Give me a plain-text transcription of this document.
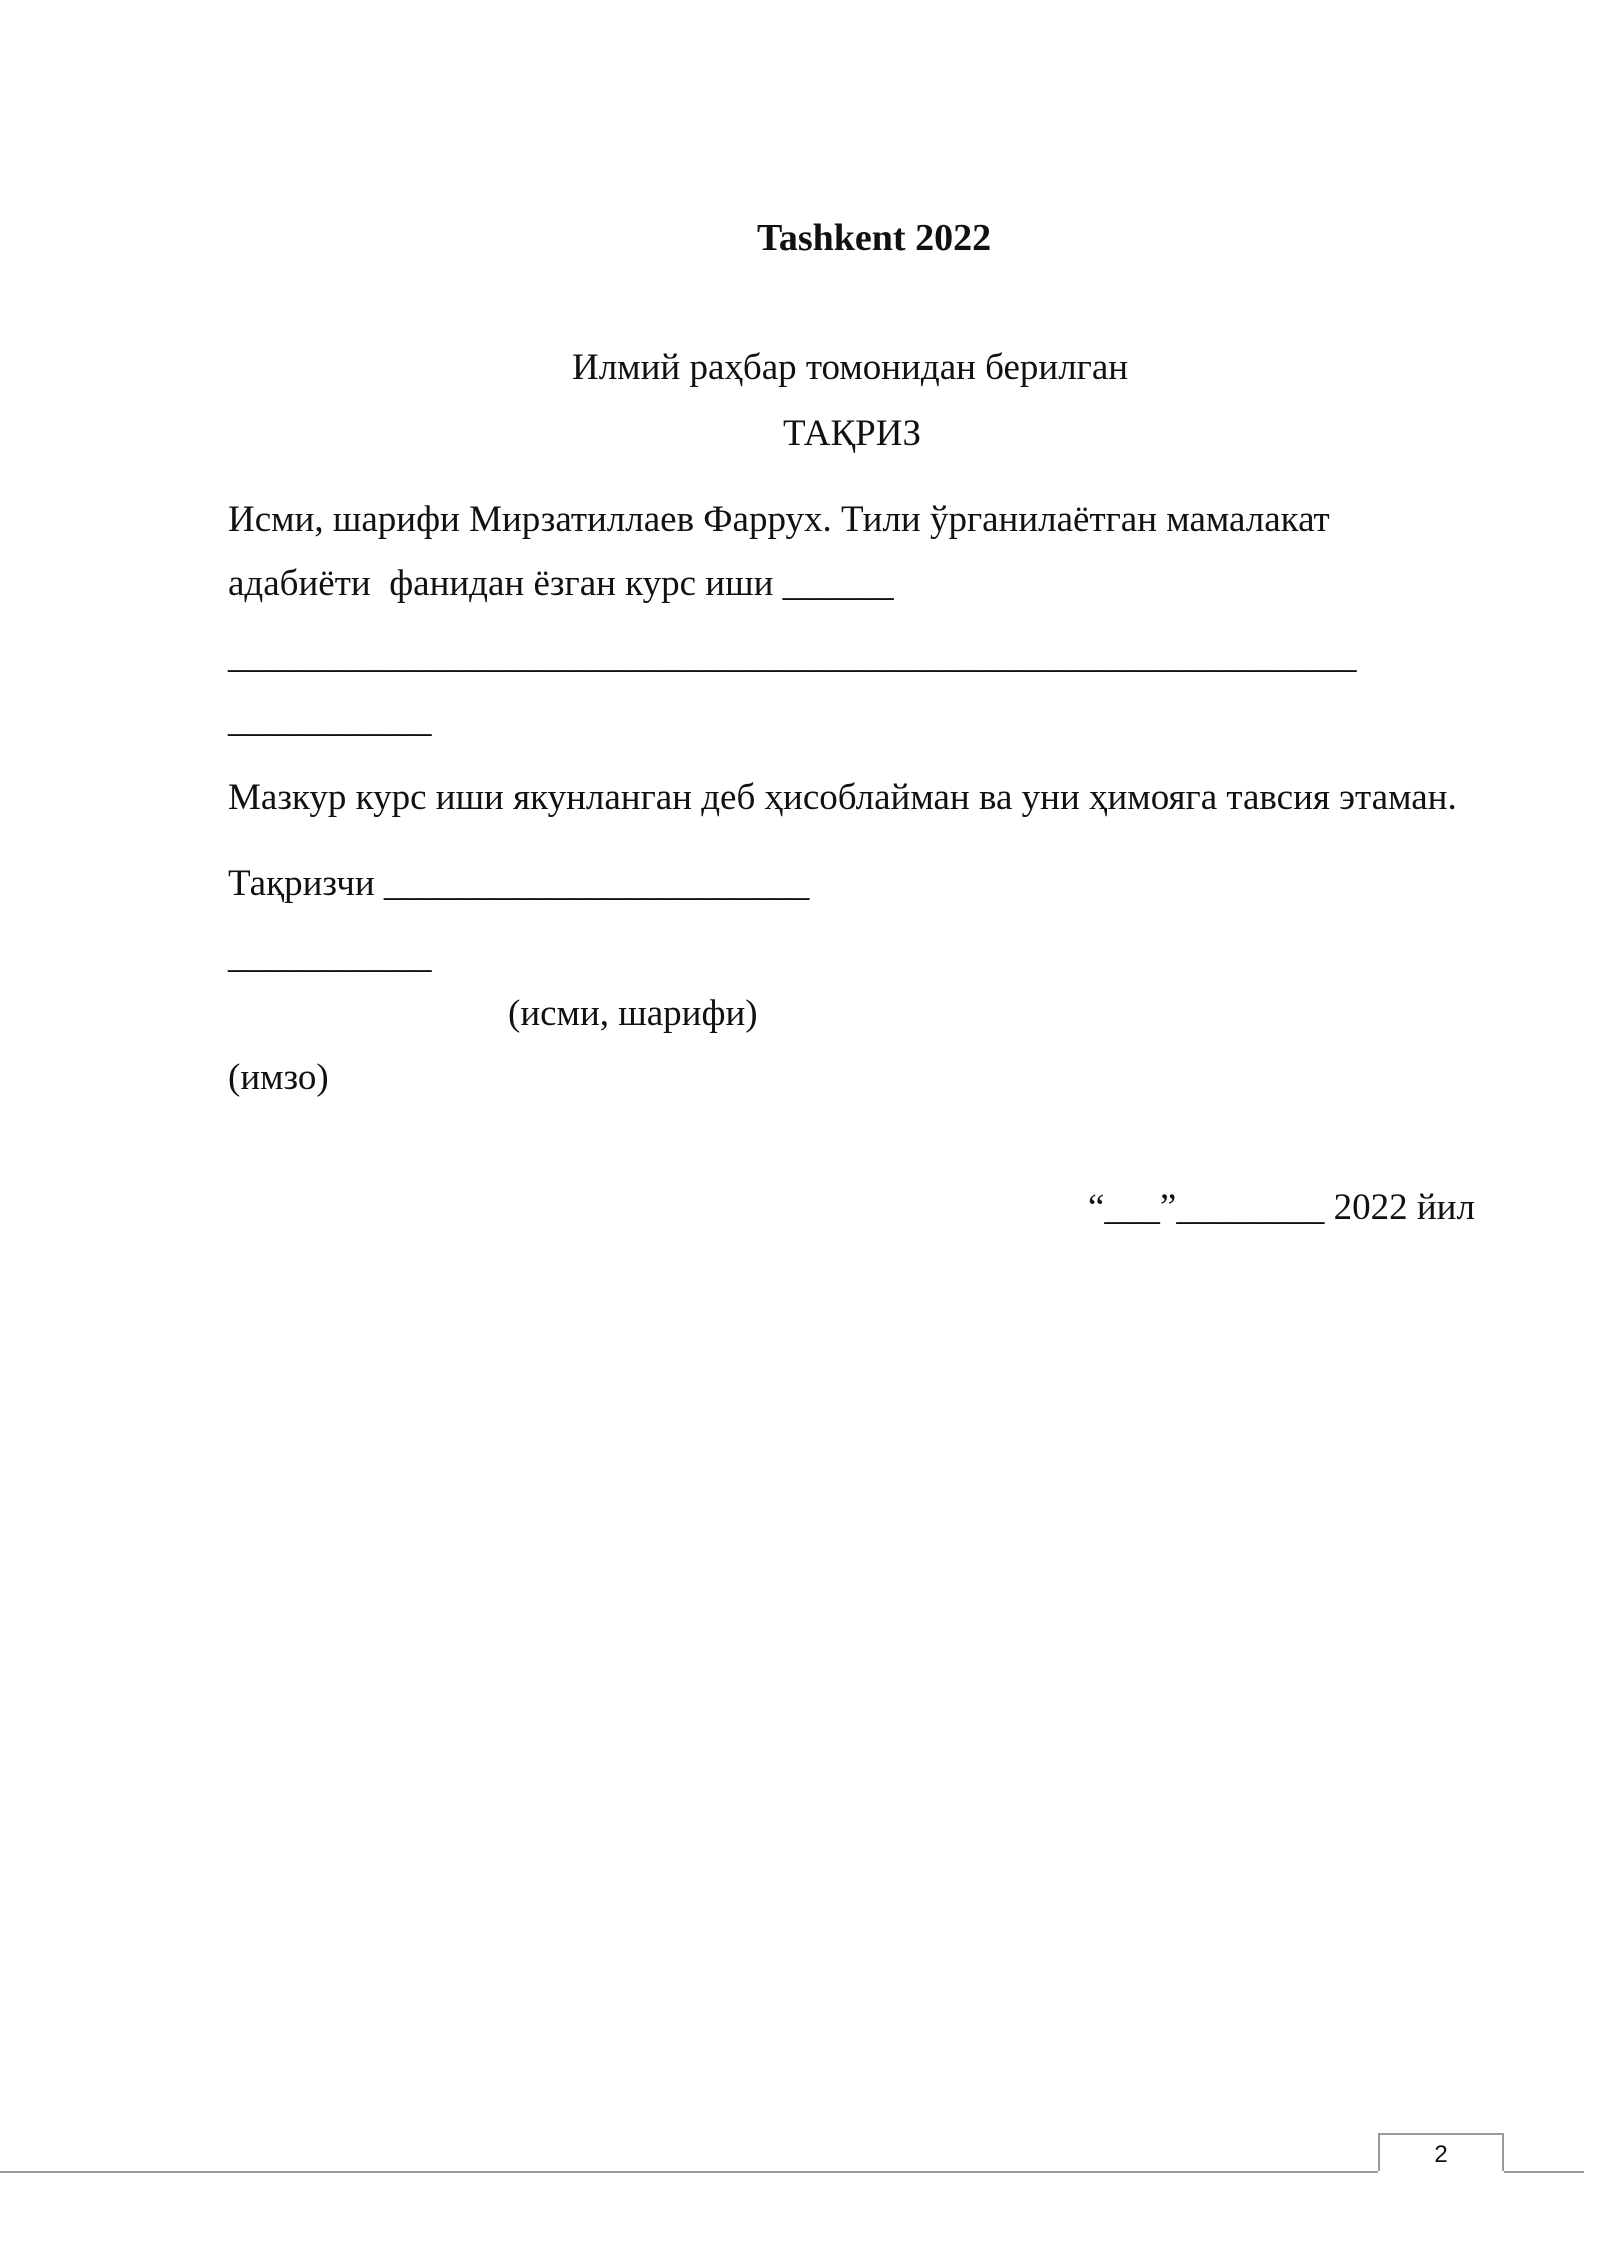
Tashkent 2022
Илмий раҳбар томонидан берилган
ТАҚРИЗ
Исми, шарифи Мирзатиллаев Фаррух. Тили ўрганилаётган мамалакат
адабиёти  фанидан ёзган курс иши ______
_____________________________________________________________
___________
Мазкур курс иши якунланган деб ҳисоблайман ва уни ҳимояга тавсия этаман.
Тақризчи _______________________
___________
(исми, шарифи)
(имзо)
“___”________ 2022 йил
2
